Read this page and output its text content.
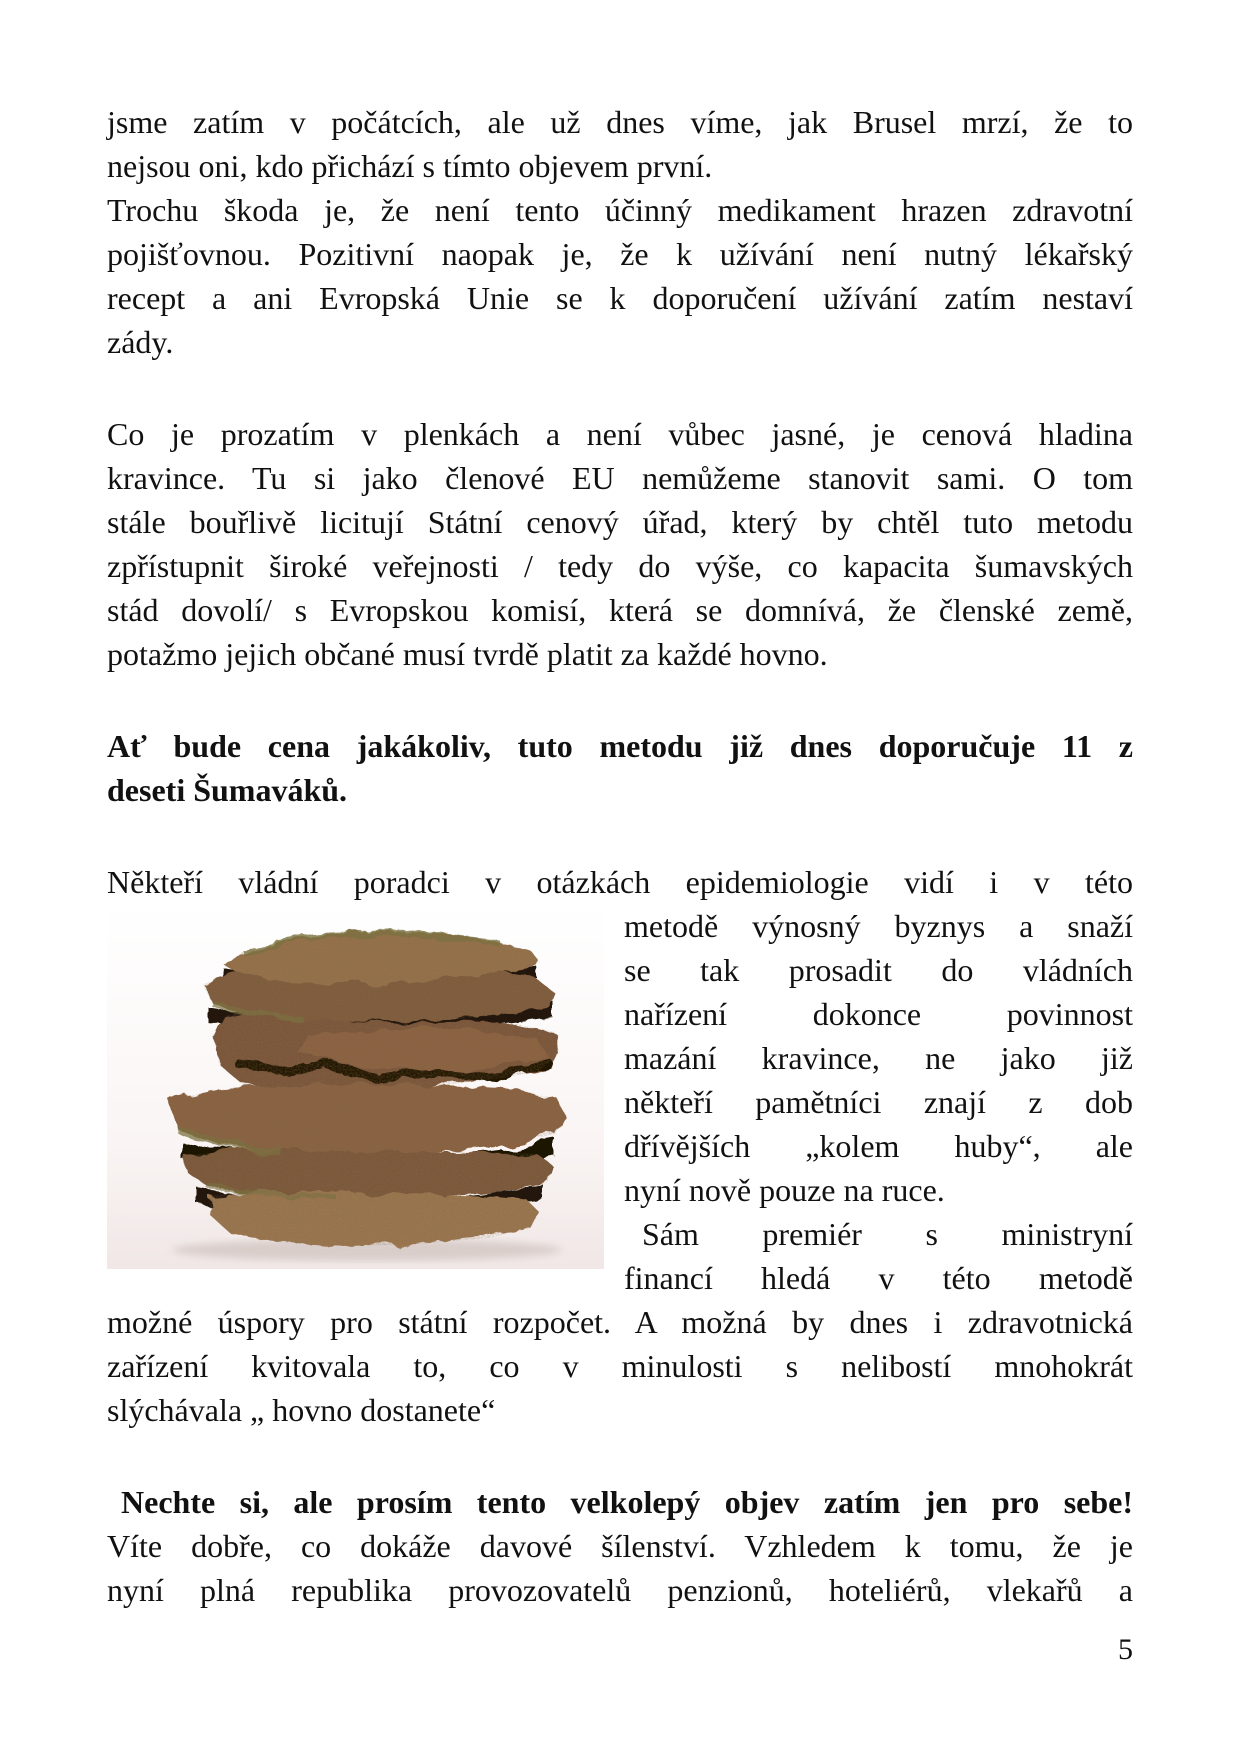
jsme zatím v počátcích, ale už dnes víme, jak Brusel mrzí, že to
nejsou oni, kdo přichází s tímto objevem první.
Trochu škoda je, že není tento účinný medikament hrazen zdravotní
pojišťovnou. Pozitivní naopak je, že k užívání není nutný lékařský
recept a ani Evropská Unie se k doporučení užívání zatím nestaví
zády.
Co je prozatím v plenkách a není vůbec jasné, je cenová hladina
kravince. Tu si jako členové EU nemůžeme stanovit sami. O tom
stále bouřlivě licitují Státní cenový úřad, který by chtěl tuto metodu
zpřístupnit široké veřejnosti / tedy do výše, co kapacita šumavských
stád dovolí/ s Evropskou komisí, která se domnívá, že členské země,
potažmo jejich občané musí tvrdě platit za každé hovno.
Ať bude cena jakákoliv, tuto metodu již dnes doporučuje 11 z
deseti Šumaváků.
Někteří vládní poradci v otázkách epidemiologie vidí i v této
metodě výnosný byznys a snaží
se tak prosadit do vládních
nařízení dokonce povinnost
mazání kravince, ne jako již
někteří pamětníci znají z dob
dřívějších „kolem huby“, ale
nyní nově pouze na ruce.
Sám premiér s ministryní
financí hledá v této metodě
možné úspory pro státní rozpočet. A možná by dnes i zdravotnická
zařízení kvitovala to, co v minulosti s nelibostí mnohokrát
slýchávala „ hovno dostanete“
Nechte si, ale prosím tento velkolepý objev zatím jen pro sebe!
Víte dobře, co dokáže davové šílenství. Vzhledem k tomu, že je
nyní plná republika provozovatelů penzionů, hoteliérů, vlekařů a
5
